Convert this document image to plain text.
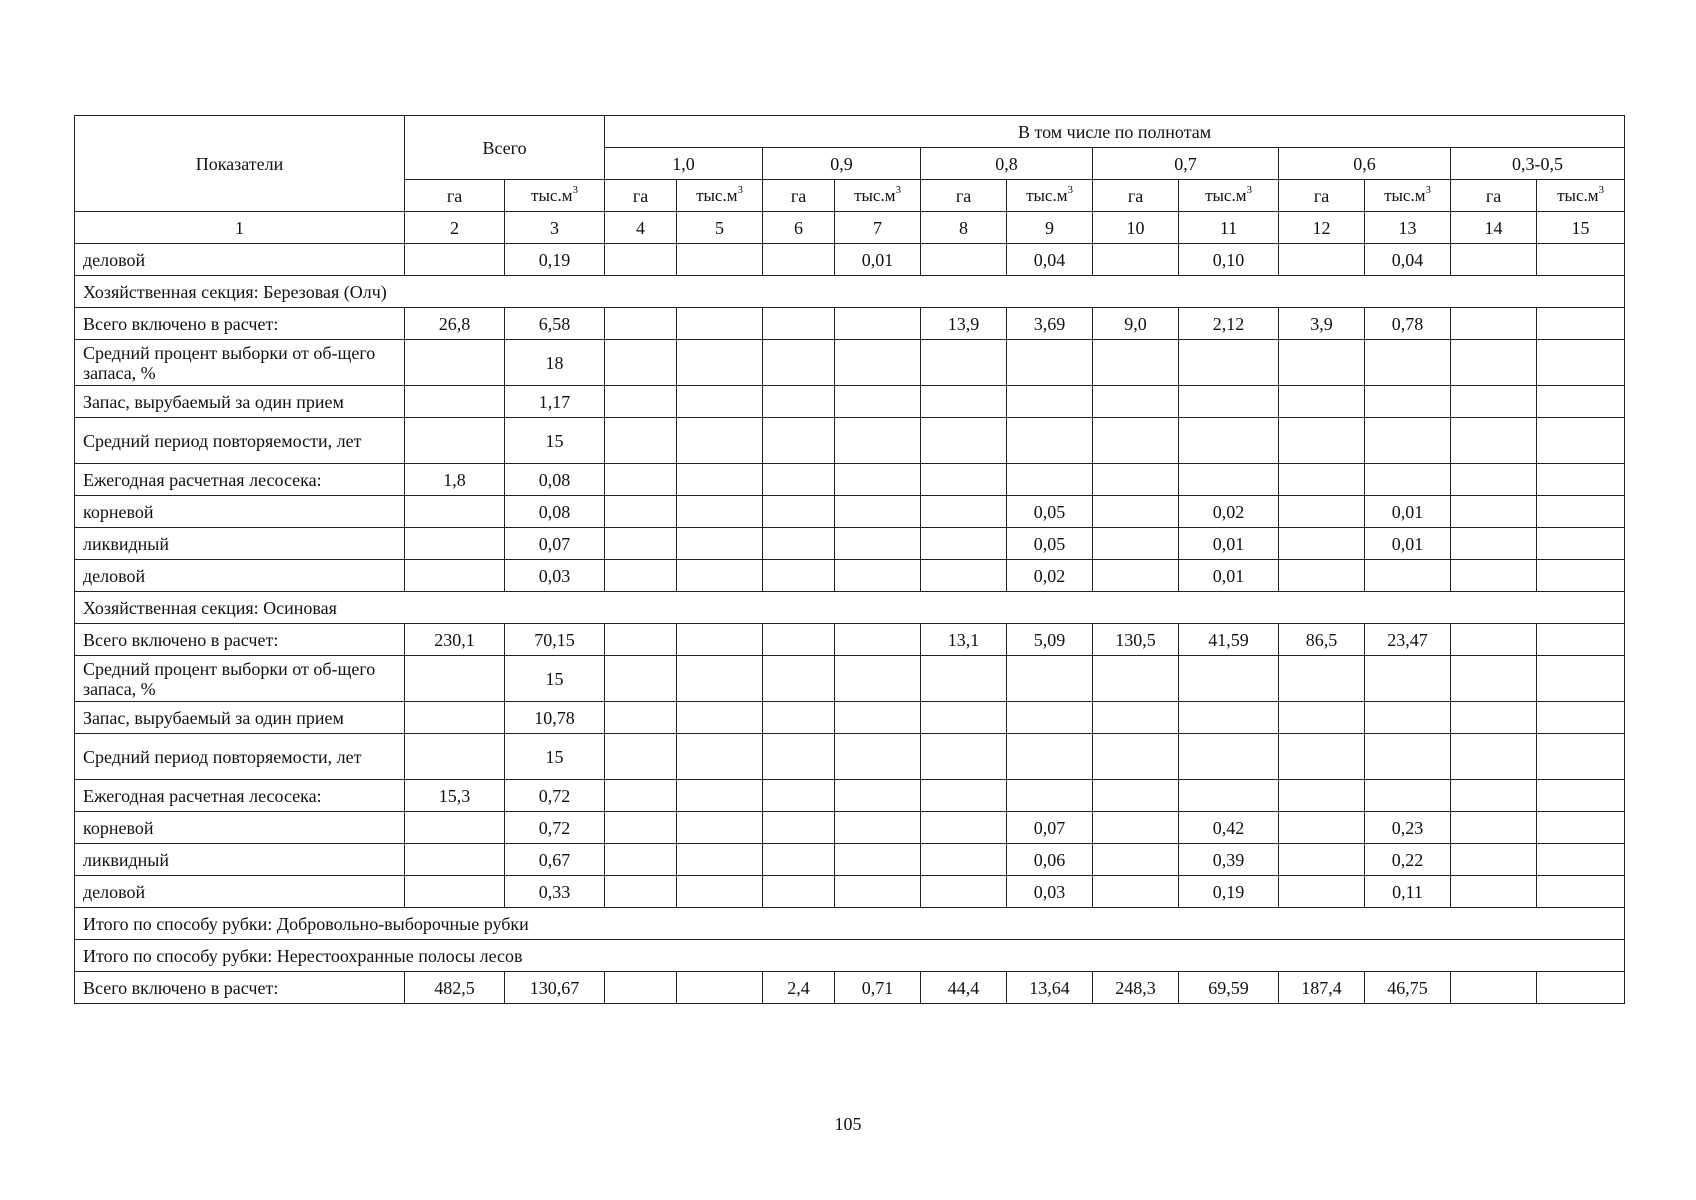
Показатели	Всего		В том числе по полнотам											
			1,0		0,9		0,8		0,7		0,6		0,3-0,5	
	га	$тыс.м^3$	га	$тыс.м^3$	га	$тыс.м^3$	га	$тыс.м^3$	га	$тыс.м^3$	га	$тыс.м^3$	га	$тыс.м^3$
1	2	3	4	5	6	7	8	9	10	11	12	13	14	15
деловой		0,19				0,01		0,04		0,10		0,04		
Хозяйственная секция: Березовая (Олч)														
Всего включено в расчет:	26,8	6,58					13,9	3,69	9,0	2,12	3,9	0,78		
Средний процент выборки от об-щего запаса, %		18												
Запас, вырубаемый за один прием		1,17												
Средний период повторяемости, лет		15												
Ежегодная расчетная лесосека:	1,8	0,08												
корневой		0,08						0,05		0,02		0,01		
ликвидный		0,07						0,05		0,01		0,01		
деловой		0,03						0,02		0,01				
Хозяйственная секция: Осиновая														
Всего включено в расчет:	230,1	70,15					13,1	5,09	130,5	41,59	86,5	23,47		
Средний процент выборки от об-щего запаса, %		15												
Запас, вырубаемый за один прием		10,78												
Средний период повторяемости, лет		15												
Ежегодная расчетная лесосека:	15,3	0,72												
корневой		0,72						0,07		0,42		0,23		
ликвидный		0,67						0,06		0,39		0,22		
деловой		0,33						0,03		0,19		0,11		
Итого по способу рубки: Добровольно-выборочные рубки														
Итого по способу рубки: Нерестоохранные полосы лесов														
Всего включено в расчет:	482,5	130,67			2,4	0,71	44,4	13,64	248,3	69,59	187,4	46,75		
105
